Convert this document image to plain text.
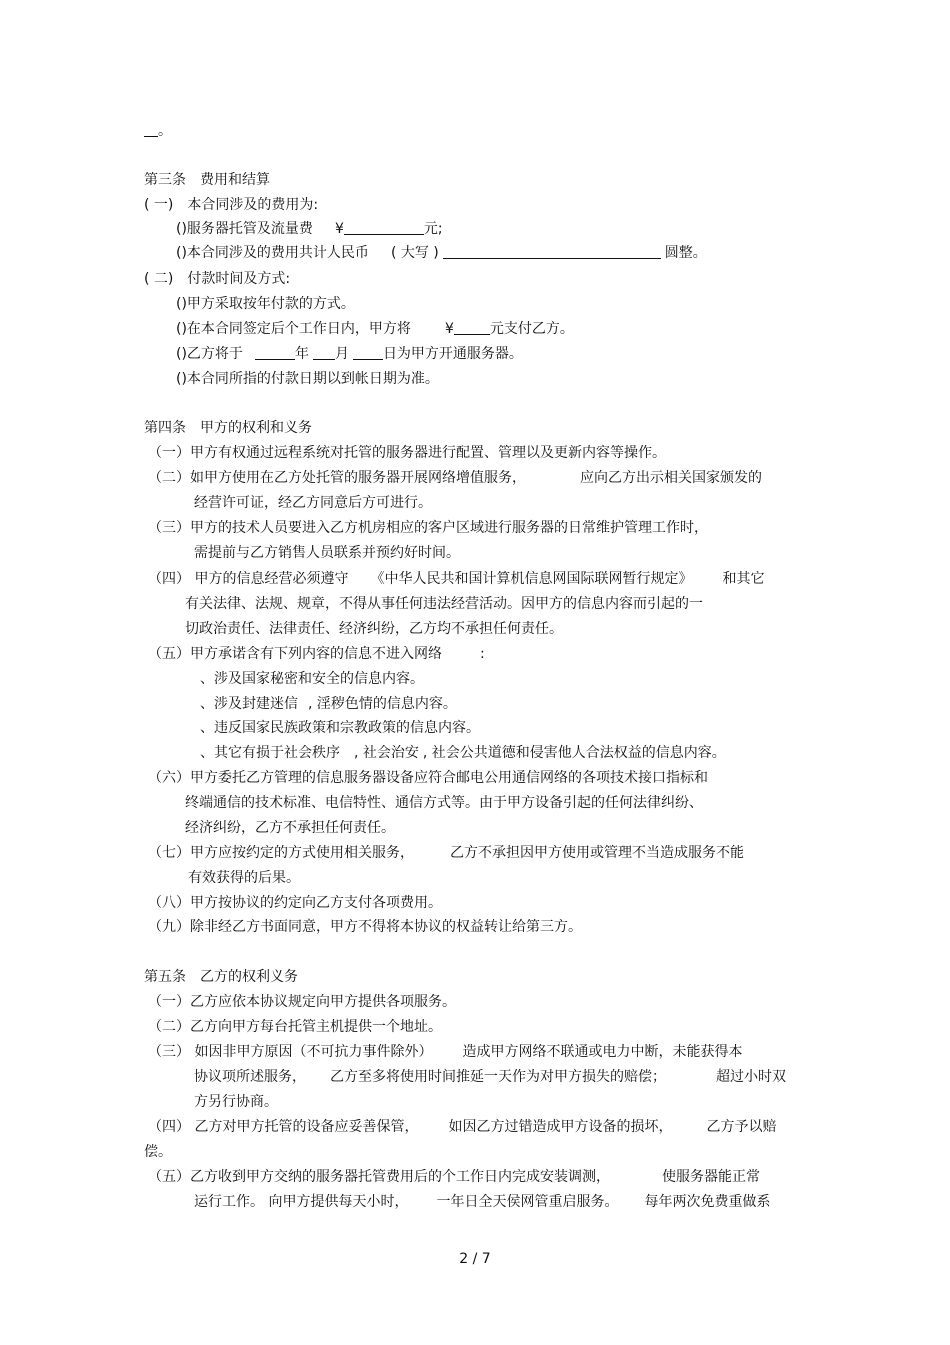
。
第三条　费用和结算
( 一)　本合同涉及的费用为:
()服务器托管及流量费 ¥	元;
()本合同涉及的费用共计人民币 ( 大写 )	圆整。
( 二)　付款时间及方式:
()甲方采取按年付款的方式。
()在本合同签定后个工作日内，甲方将 ¥	元支付乙方。
()乙方将于	年 月 日为甲方开通服务器。
()本合同所指的付款日期以到帐日期为准。
第四条　甲方的权利和义务
（一）甲方有权通过远程系统对托管的服务器进行配置、管理以及更新内容等操作。
（二）如甲方使用在乙方处托管的服务器开展网络增值服务，	应向乙方出示相关国家颁发的
经营许可证，经乙方同意后方可进行。
（三）甲方的技术人员要进入乙方机房相应的客户区域进行服务器的日常维护管理工作时，
需提前与乙方销售人员联系并预约好时间。
（四） 甲方的信息经营必须遵守 《中华人民共和国计算机信息网国际联网暂行规定》 和其它
有关法律、法规、规章，不得从事任何违法经营活动。因甲方的信息内容而引起的一
切政治责任、法律责任、经济纠纷，乙方均不承担任何责任。
（五）甲方承诺含有下列内容的信息不进入网络	:
、涉及国家秘密和安全的信息内容。
、涉及封建迷信 , 淫秽色情的信息内容。
、违反国家民族政策和宗教政策的信息内容。
、其它有损于社会秩序 , 社会治安 , 社会公共道德和侵害他人合法权益的信息内容。
（六）甲方委托乙方管理的信息服务器设备应符合邮电公用通信网络的各项技术接口指标和
终端通信的技术标准、电信特性、通信方式等。由于甲方设备引起的任何法律纠纷、
经济纠纷，乙方不承担任何责任。
（七）甲方应按约定的方式使用相关服务，	乙方不承担因甲方使用或管理不当造成服务不能
有效获得的后果。
（八）甲方按协议的约定向乙方支付各项费用。
（九）除非经乙方书面同意，甲方不得将本协议的权益转让给第三方。
第五条　乙方的权利义务
（一）乙方应依本协议规定向甲方提供各项服务。
（二）乙方向甲方每台托管主机提供一个地址。
（三） 如因非甲方原因（不可抗力事件除外） 造成甲方网络不联通或电力中断，未能获得本
协议项所述服务， 乙方至多将使用时间推延一天作为对甲方损失的赔偿；	超过小时双
方另行协商。
（四） 乙方对甲方托管的设备应妥善保管， 如因乙方过错造成甲方设备的损坏， 乙方予以赔
偿。
（五）乙方收到甲方交纳的服务器托管费用后的个工作日内完成安装调测，	使服务器能正常
运行工作。 向甲方提供每天小时， 一年日全天侯网管重启服务。 每年两次免费重做系
2 / 7
